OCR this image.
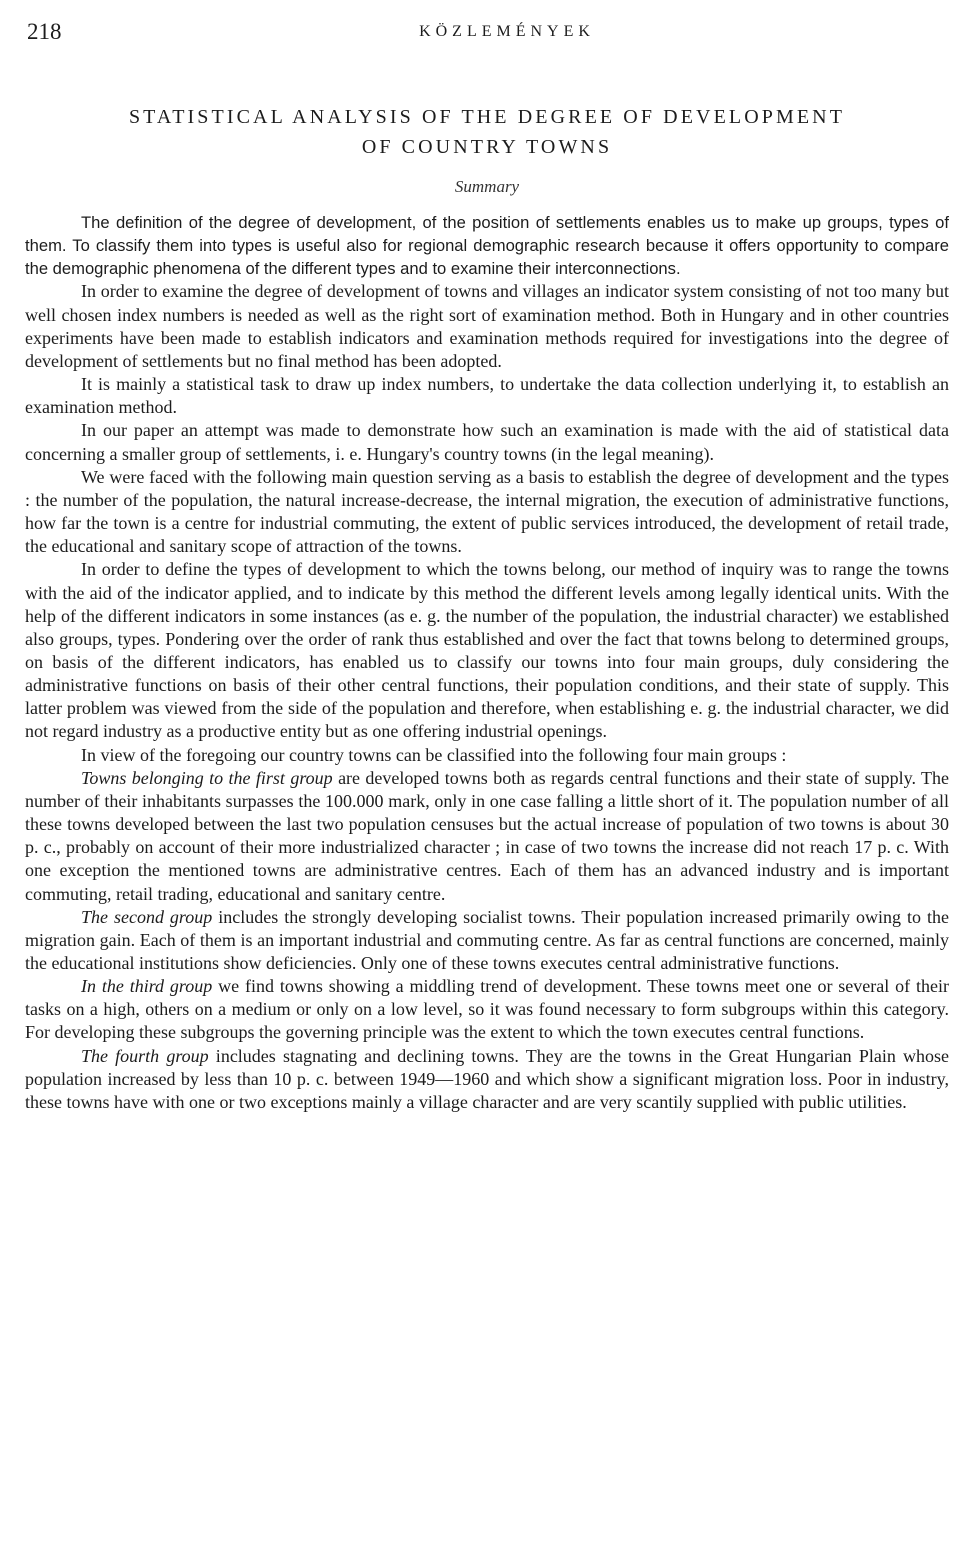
218	KÖZLEMÉNYEK
STATISTICAL ANALYSIS OF THE DEGREE OF DEVELOPMENT
OF COUNTRY TOWNS
Summary

The definition of the degree of development, of the position of settlements enables us to make up groups, types of them. To classify them into types is useful also for regional demographic research because it offers opportunity to compare the demographic phenomena of the different types and to examine their interconnections.

In order to examine the degree of development of towns and villages an indicator system consisting of not too many but well chosen index numbers is needed as well as the right sort of examination method. Both in Hungary and in other countries experiments have been made to establish indicators and examination methods required for investigations into the degree of development of settlements but no final method has been adopted.

It is mainly a statistical task to draw up index numbers, to undertake the data collection underlying it, to establish an examination method.

In our paper an attempt was made to demonstrate how such an examination is made with the aid of statistical data concerning a smaller group of settlements, i. e. Hungary's country towns (in the legal meaning).

We were faced with the following main question serving as a basis to establish the degree of development and the types : the number of the population, the natural increase-decrease, the internal migration, the execution of administrative functions, how far the town is a centre for industrial commuting, the extent of public services introduced, the development of retail trade, the educational and sanitary scope of attraction of the towns.

In order to define the types of development to which the towns belong, our method of inquiry was to range the towns with the aid of the indicator applied, and to indicate by this method the different levels among legally identical units. With the help of the different indicators in some instances (as e. g. the number of the population, the industrial character) we established also groups, types. Pondering over the order of rank thus established and over the fact that towns belong to determined groups, on basis of the different indicators, has enabled us to classify our towns into four main groups, duly considering the administrative functions on basis of their other central functions, their population conditions, and their state of supply. This latter problem was viewed from the side of the population and therefore, when establishing e. g. the industrial character, we did not regard industry as a productive entity but as one offering industrial openings.

In view of the foregoing our country towns can be classified into the following four main groups :

Towns belonging to the first group are developed towns both as regards central functions and their state of supply. The number of their inhabitants surpasses the 100.000 mark, only in one case falling a little short of it. The population number of all these towns developed between the last two population censuses but the actual increase of population of two towns is about 30 p. c., probably on account of their more industrialized character ; in case of two towns the increase did not reach 17 p. c. With one exception the mentioned towns are administrative centres. Each of them has an advanced industry and is important commuting, retail trading, educational and sanitary centre.

The second group includes the strongly developing socialist towns. Their population increased primarily owing to the migration gain. Each of them is an important industrial and commuting centre. As far as central functions are concerned, mainly the educational institutions show deficiencies. Only one of these towns executes central administrative functions.

In the third group we find towns showing a middling trend of development. These towns meet one or several of their tasks on a high, others on a medium or only on a low level, so it was found necessary to form subgroups within this category. For developing these subgroups the governing principle was the extent to which the town executes central functions.

The fourth group includes stagnating and declining towns. They are the towns in the Great Hungarian Plain whose population increased by less than 10 p. c. between 1949—1960 and which show a significant migration loss. Poor in industry, these towns have with one or two exceptions mainly a village character and are very scantily supplied with public utilities.
